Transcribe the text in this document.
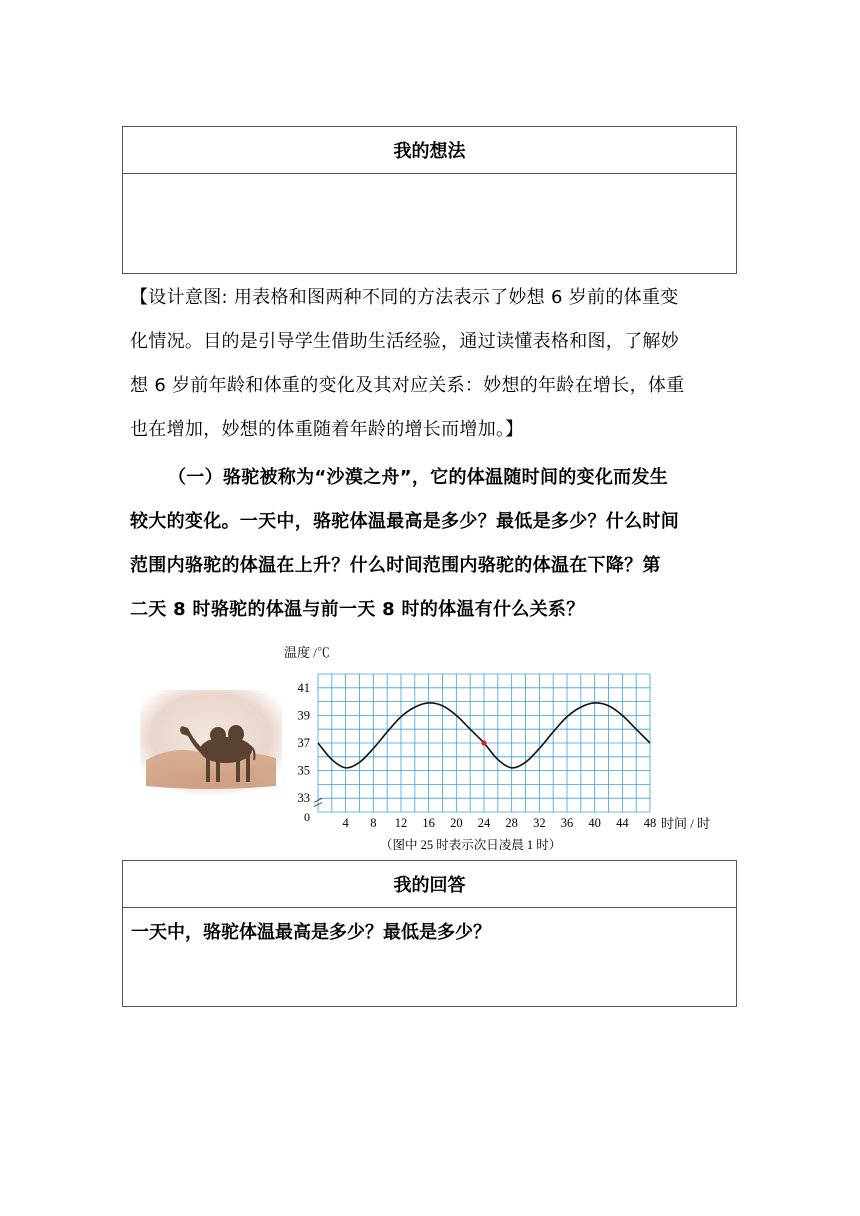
我的想法
【设计意图: 用表格和图两种不同的方法表示了妙想 6 岁前的体重变
化情况。目的是引导学生借助生活经验，通过读懂表格和图，了解妙
想 6 岁前年龄和体重的变化及其对应关系：妙想的年龄在增长，体重
也在增加，妙想的体重随着年龄的增长而增加。】
（一）骆驼被称为“沙漠之舟”，它的体温随时间的变化而发生
较大的变化。一天中，骆驼体温最高是多少？最低是多少？什么时间
范围内骆驼的体温在上升？什么时间范围内骆驼的体温在下降？第
二天 8 时骆驼的体温与前一天 8 时的体温有什么关系？
4 8 12 16 20 24 28 32 36 40 44 48
33
35
37
39
41
温度 /℃
时间 / 时
0
（图中 25 时表示次日凌晨 1 时）
我的回答
一天中，骆驼体温最高是多少？最低是多少？
